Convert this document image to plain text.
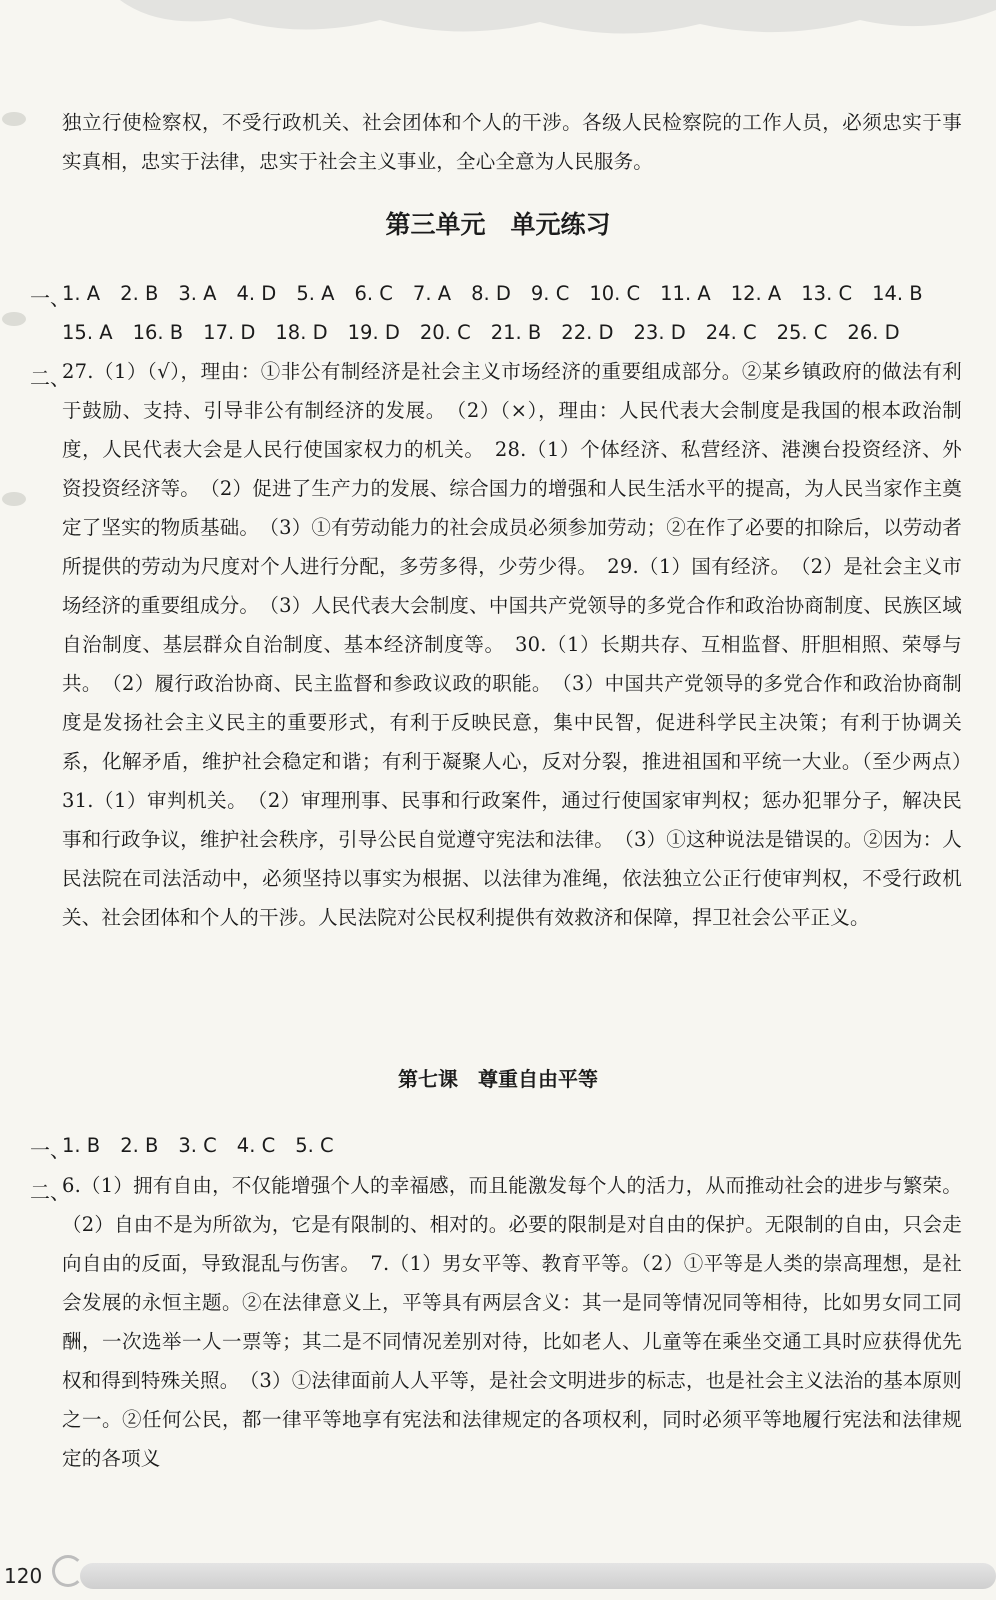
独立行使检察权，不受行政机关、社会团体和个人的干涉。各级人民检察院的工作人员，必须忠实于事实真相，忠实于法律，忠实于社会主义事业，全心全意为人民服务。
第三单元　单元练习
一、
1. A 2. B 3. A 4. D 5. A 6. C 7. A 8. D 9. C 10. C 11. A 12. A 13. C 14. B
15. A 16. B 17. D 18. D 19. D 20. C 21. B 22. D 23. D 24. C 25. C 26. D
二、
27.（1）（√），理由：①非公有制经济是社会主义市场经济的重要组成部分。②某乡镇政府的做法有利于鼓励、支持、引导非公有制经济的发展。　（2）（×），理由：人民代表大会制度是我国的根本政治制度，人民代表大会是人民行使国家权力的机关。　28.（1）个体经济、私营经济、港澳台投资经济、外资投资经济等。　（2）促进了生产力的发展、综合国力的增强和人民生活水平的提高，为人民当家作主奠定了坚实的物质基础。　（3）①有劳动能力的社会成员必须参加劳动；②在作了必要的扣除后，以劳动者所提供的劳动为尺度对个人进行分配，多劳多得，少劳少得。　29.（1）国有经济。　（2）是社会主义市场经济的重要组成分。　（3）人民代表大会制度、中国共产党领导的多党合作和政治协商制度、民族区域自治制度、基层群众自治制度、基本经济制度等。　30.（1）长期共存、互相监督、肝胆相照、荣辱与共。　（2）履行政治协商、民主监督和参政议政的职能。　（3）中国共产党领导的多党合作和政治协商制度是发扬社会主义民主的重要形式，有利于反映民意，集中民智，促进科学民主决策；有利于协调关系，化解矛盾，维护社会稳定和谐；有利于凝聚人心，反对分裂，推进祖国和平统一大业。（至少两点）　31.（1）审判机关。　（2）审理刑事、民事和行政案件，通过行使国家审判权；惩办犯罪分子，解决民事和行政争议，维护社会秩序，引导公民自觉遵守宪法和法律。　（3）①这种说法是错误的。②因为：人民法院在司法活动中，必须坚持以事实为根据、以法律为准绳，依法独立公正行使审判权，不受行政机关、社会团体和个人的干涉。人民法院对公民权利提供有效救济和保障，捍卫社会公平正义。
第七课　尊重自由平等
一、
1. B 2. B 3. C 4. C 5. C
二、
6.（1）拥有自由，不仅能增强个人的幸福感，而且能激发每个人的活力，从而推动社会的进步与繁荣。（2）自由不是为所欲为，它是有限制的、相对的。必要的限制是对自由的保护。无限制的自由，只会走向自由的反面，导致混乱与伤害。　7.（1）男女平等、教育平等。（2）①平等是人类的崇高理想，是社会发展的永恒主题。②在法律意义上，平等具有两层含义：其一是同等情况同等相待，比如男女同工同酬，一次选举一人一票等；其二是不同情况差别对待，比如老人、儿童等在乘坐交通工具时应获得优先权和得到特殊关照。　（3）①法律面前人人平等，是社会文明进步的标志，也是社会主义法治的基本原则之一。②任何公民，都一律平等地享有宪法和法律规定的各项权利，同时必须平等地履行宪法和法律规定的各项义
120
